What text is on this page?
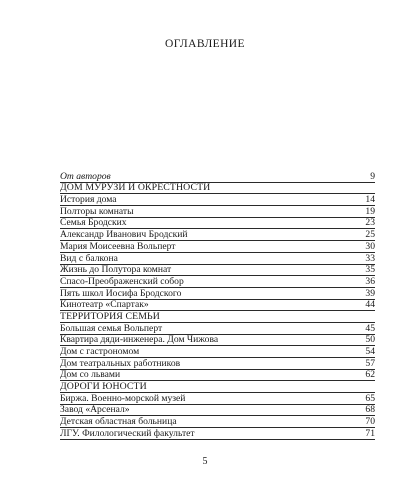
ОГЛАВЛЕНИЕ
От авторов	9
ДОМ МУРУЗИ И ОКРЕСТНОСТИ
История дома	14
Полторы комнаты	19
Семья Бродских	23
Александр Иванович Бродский	25
Мария Моисеевна Вольперт	30
Вид с балкона	33
Жизнь до Полутора комнат	35
Спасо-Преображенский собор	36
Пять школ Иосифа Бродского	39
Кинотеатр «Спартак»	44
ТЕРРИТОРИЯ СЕМЬИ
Большая семья Вольперт	45
Квартира дяди-инженера. Дом Чижова	50
Дом с гастрономом	54
Дом театральных работников	57
Дом со львами	62
ДОРОГИ ЮНОСТИ
Биржа. Военно-морской музей	65
Завод «Арсенал»	68
Детская областная больница	70
ЛГУ. Филологический факультет	71
5
